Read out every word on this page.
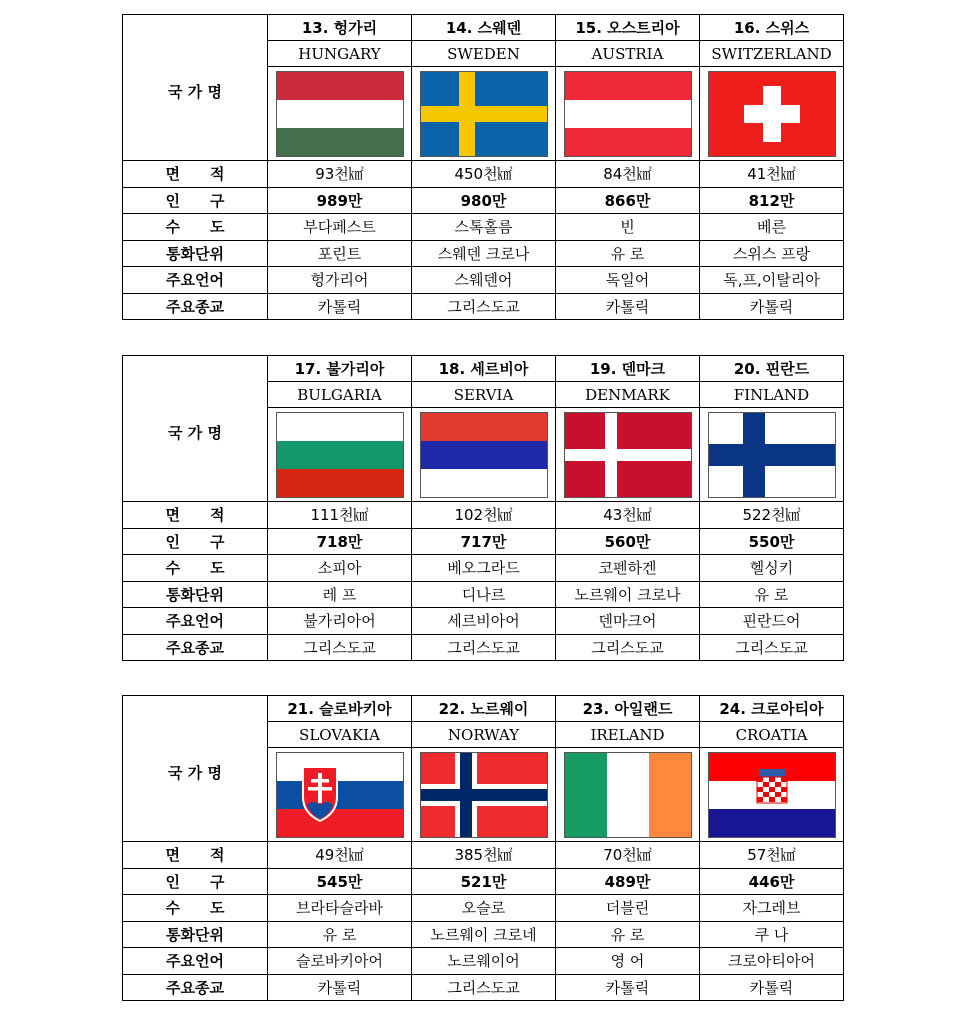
국 가 명	13. 헝가리	14. 스웨덴	15. 오스트리아	16. 스위스
	HUNGARY	SWEDEN	AUSTRIA	SWITZERLAND

면　　적	93천㎢	450천㎢	84천㎢	41천㎢
인　　구	989만	980만	866만	812만
수　　도	부다페스트	스톡홀름	빈	베른
통화단위	포린트	스웨덴 크로나	유 로	스위스 프랑
주요언어	헝가리어	스웨덴어	독일어	독,프,이탈리아
주요종교	카톨릭	그리스도교	카톨릭	카톨릭
국 가 명	17. 불가리아	18. 세르비아	19. 덴마크	20. 핀란드
	BULGARIA	SERVIA	DENMARK	FINLAND

면　　적	111천㎢	102천㎢	43천㎢	522천㎢
인　　구	718만	717만	560만	550만
수　　도	소피아	베오그라드	코펜하겐	헬싱키
통화단위	레 프	디나르	노르웨이 크로나	유 로
주요언어	불가리아어	세르비아어	덴마크어	핀란드어
주요종교	그리스도교	그리스도교	그리스도교	그리스도교
국 가 명	21. 슬로바키아	22. 노르웨이	23. 아일랜드	24. 크로아티아
	SLOVAKIA	NORWAY	IRELAND	CROATIA

면　　적	49천㎢	385천㎢	70천㎢	57천㎢
인　　구	545만	521만	489만	446만
수　　도	브라타슬라바	오슬로	더블린	자그레브
통화단위	유 로	노르웨이 크로네	유 로	쿠 나
주요언어	슬로바키아어	노르웨이어	영 어	크로아티아어
주요종교	카톨릭	그리스도교	카톨릭	카톨릭
